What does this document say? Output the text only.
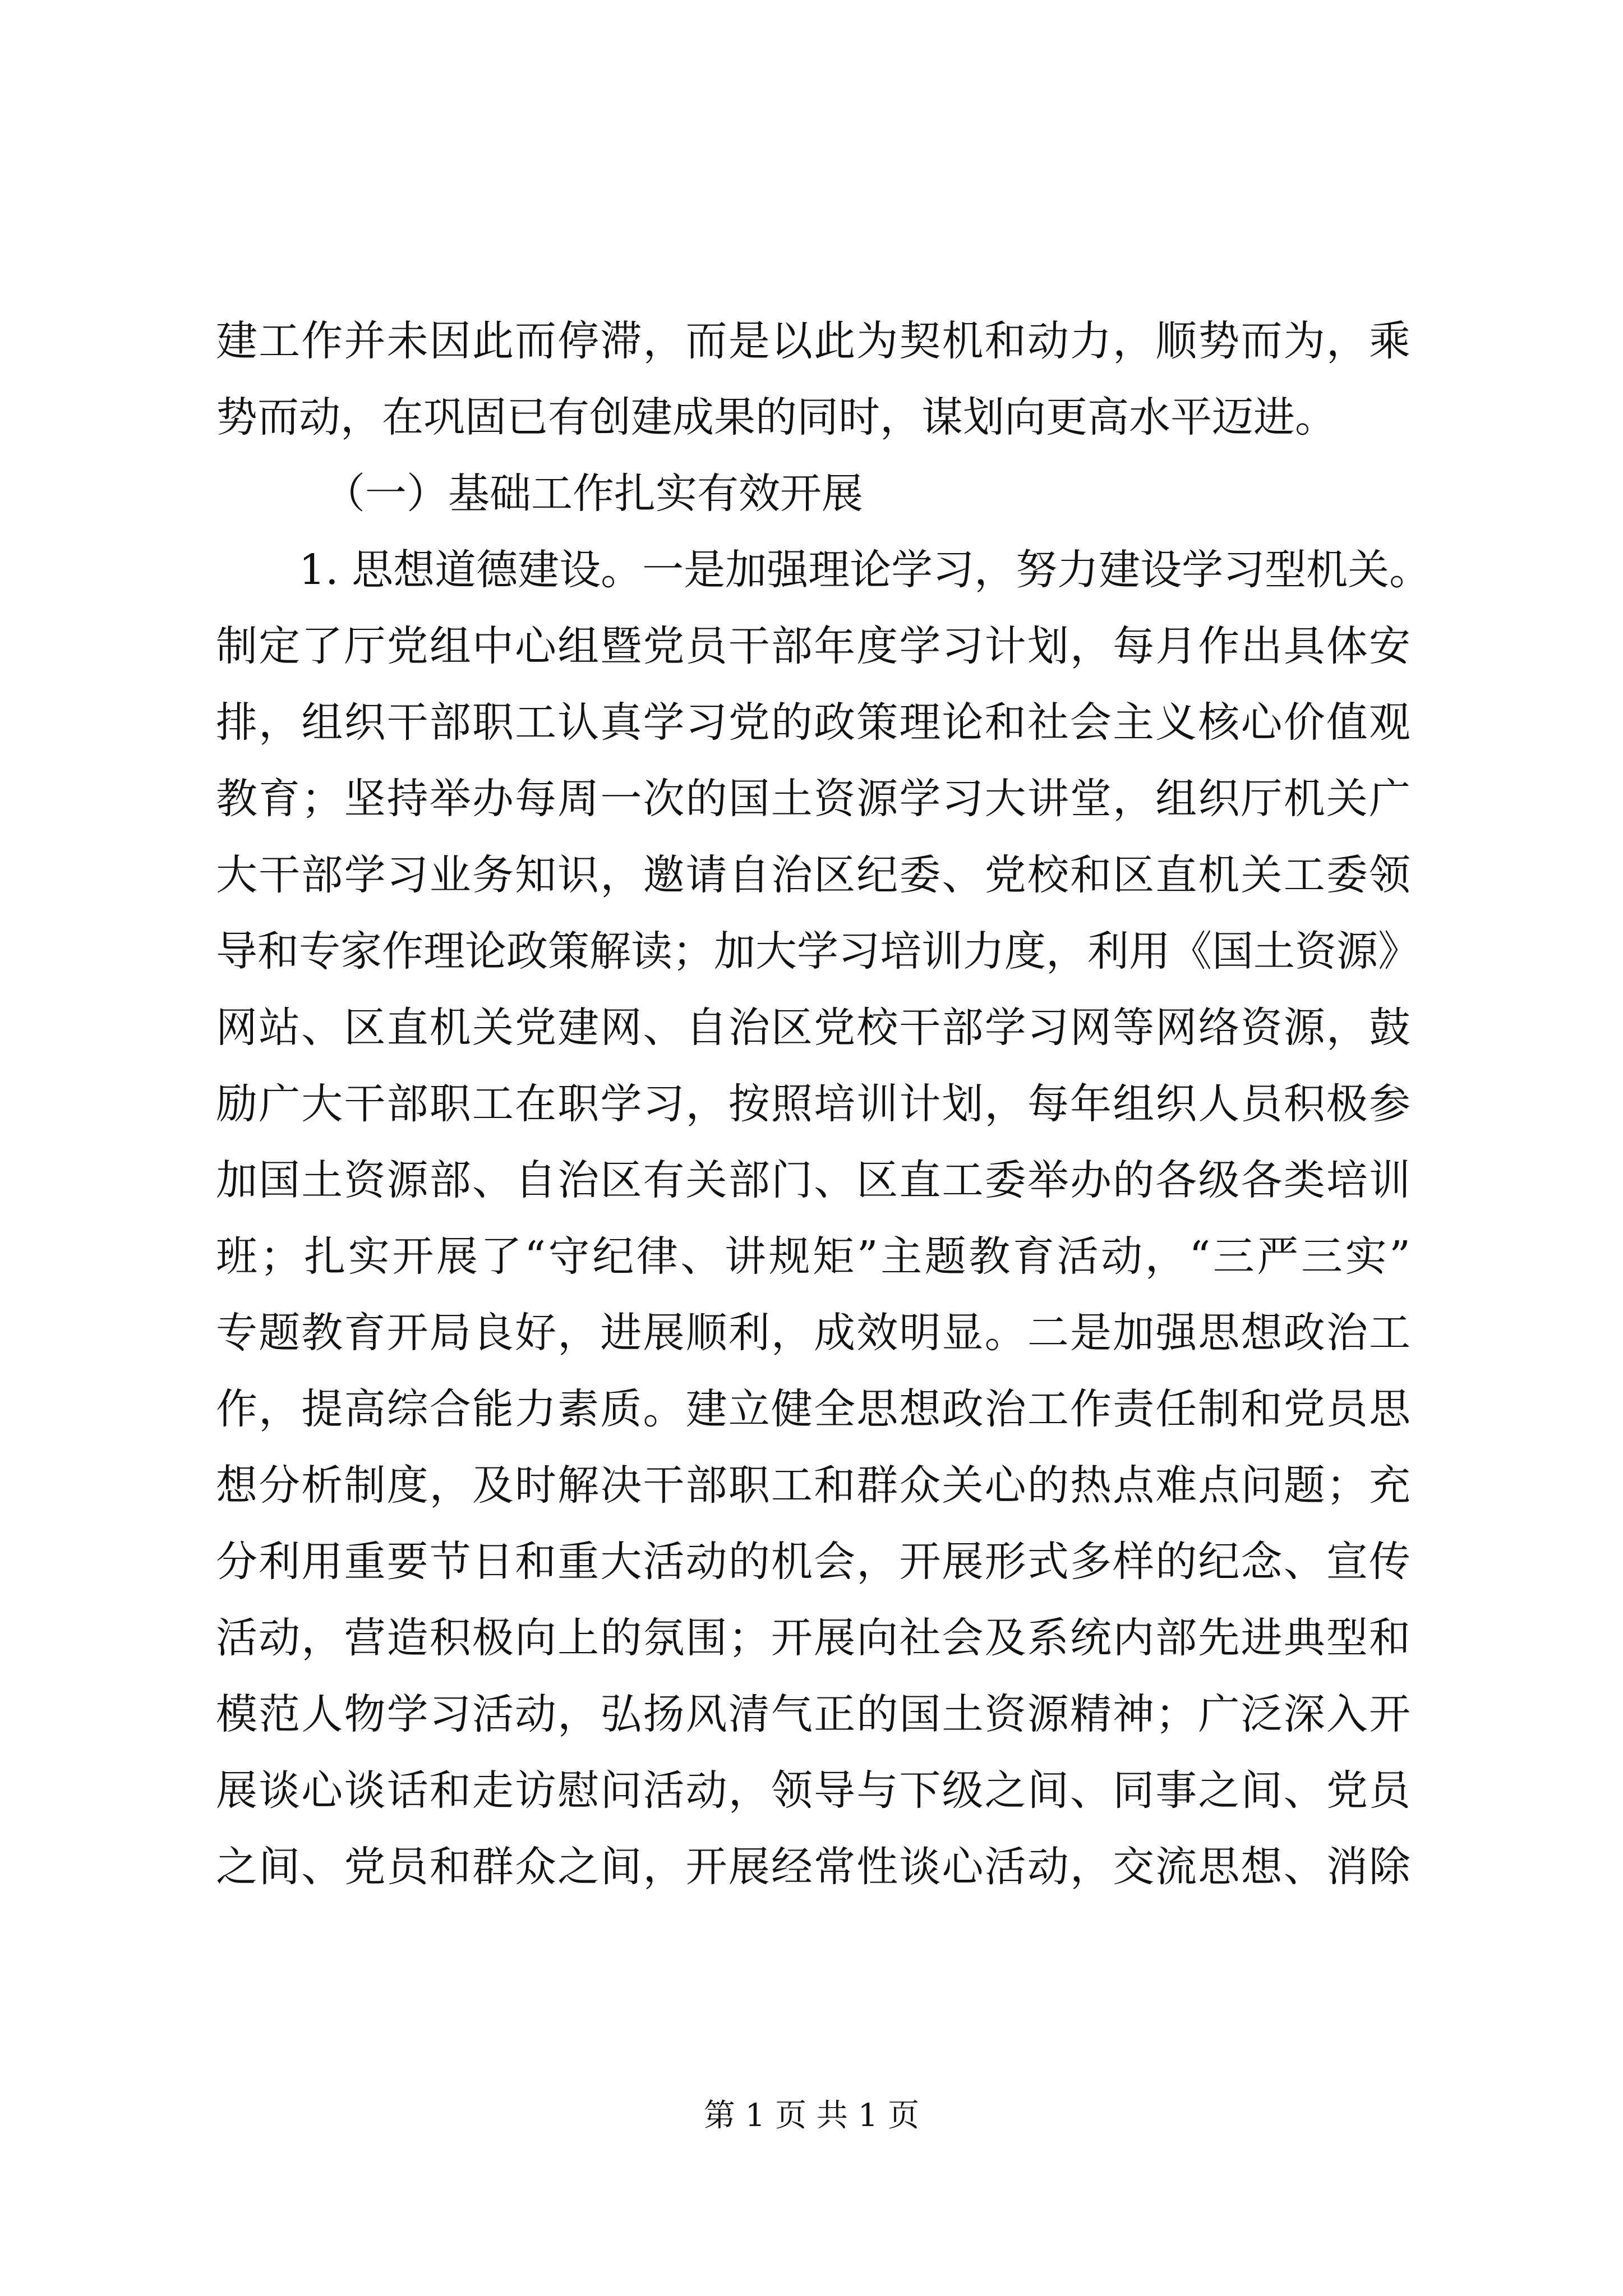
建工作并未因此而停滞，而是以此为契机和动力，顺势而为，乘
势而动，在巩固已有创建成果的同时，谋划向更高水平迈进。
（一）基础工作扎实有效开展
1. 思想道德建设。一是加强理论学习，努力建设学习型机关。
制定了厅党组中心组暨党员干部年度学习计划，每月作出具体安
排，组织干部职工认真学习党的政策理论和社会主义核心价值观
教育；坚持举办每周一次的国土资源学习大讲堂，组织厅机关广
大干部学习业务知识，邀请自治区纪委、党校和区直机关工委领
导和专家作理论政策解读；加大学习培训力度，利用《国土资源》
网站、区直机关党建网、自治区党校干部学习网等网络资源，鼓
励广大干部职工在职学习，按照培训计划，每年组织人员积极参
加国土资源部、自治区有关部门、区直工委举办的各级各类培训
班；扎实开展了“守纪律、讲规矩”主题教育活动，“三严三实”
专题教育开局良好，进展顺利，成效明显。二是加强思想政治工
作，提高综合能力素质。建立健全思想政治工作责任制和党员思
想分析制度，及时解决干部职工和群众关心的热点难点问题；充
分利用重要节日和重大活动的机会，开展形式多样的纪念、宣传
活动，营造积极向上的氛围；开展向社会及系统内部先进典型和
模范人物学习活动，弘扬风清气正的国土资源精神；广泛深入开
展谈心谈话和走访慰问活动，领导与下级之间、同事之间、党员
之间、党员和群众之间，开展经常性谈心活动，交流思想、消除
第 1 页 共 1 页
